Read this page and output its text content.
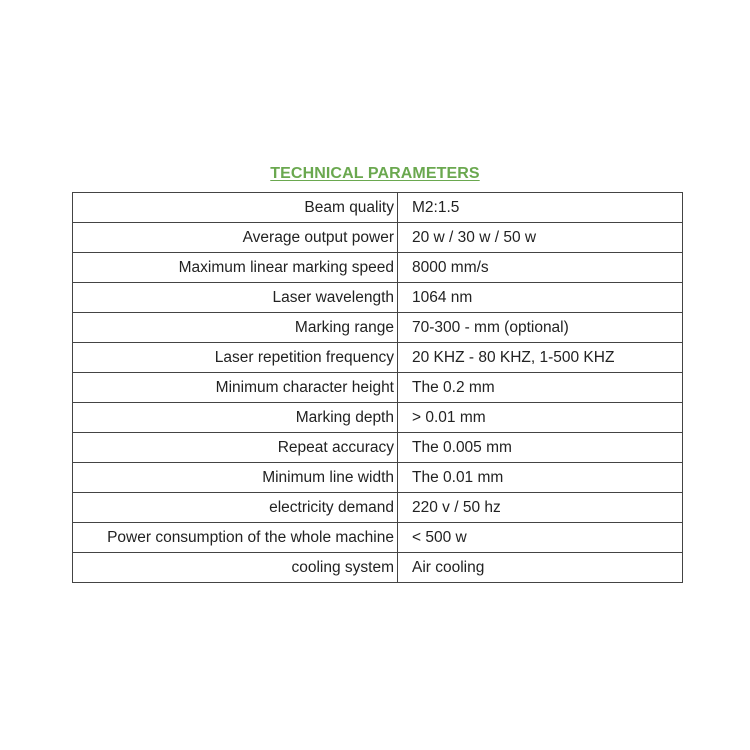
TECHNICAL PARAMETERS
Beam quality	M2:1.5
Average output power	20 w / 30 w / 50 w
Maximum linear marking speed	8000 mm/s
Laser wavelength	1064 nm
Marking range	70-300 - mm (optional)
Laser repetition frequency	20 KHZ - 80 KHZ, 1-500 KHZ
Minimum character height	The 0.2 mm
Marking depth	> 0.01 mm
Repeat accuracy	The 0.005 mm
Minimum line width	The 0.01 mm
electricity demand	220 v / 50 hz
Power consumption of the whole machine	< 500 w
cooling system	Air cooling
